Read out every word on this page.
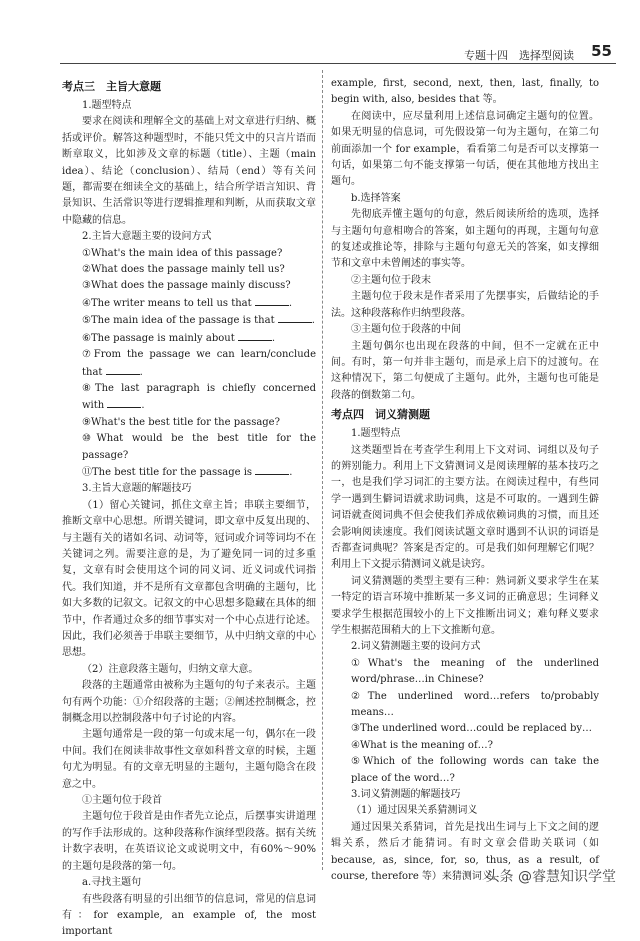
专题十四　选择型阅读 55

考点三　主旨大意题

1.题型特点

要求在阅读和理解全文的基础上对文章进行归纳、概括或评价。解答这种题型时，不能只凭文中的只言片语而断章取义，比如涉及文章的标题（title）、主题（main idea）、结论（conclusion）、结局（end）等有关问题，都需要在细读全文的基础上，结合所学语言知识、背景知识、生活常识等进行逻辑推理和判断，从而获取文章中隐藏的信息。

2.主旨大意题主要的设问方式

①What's the main idea of this passage?

②What does the passage mainly tell us?

③What does the passage mainly discuss?

④The writer means to tell us that	.

⑤The main idea of the passage is that	.

⑥The passage is mainly about	.

⑦From the passage we can learn/conclude that	.

⑧The last paragraph is chiefly concerned with	.

⑨What's the best title for the passage?

⑩What would be the best title for the passage?

⑪The best title for the passage is	.

3.主旨大意题的解题技巧

（1）留心关键词，抓住文章主旨；串联主要细节，推断文章中心思想。所谓关键词，即文章中反复出现的、与主题有关的诸如名词、动词等，冠词或介词等词均不在关键词之列。需要注意的是，为了避免同一词的过多重复，文章有时会使用这个词的同义词、近义词或代词指代。我们知道，并不是所有文章都包含明确的主题句，比如大多数的记叙文。记叙文的中心思想多隐藏在具体的细节中，作者通过众多的细节事实对一个中心点进行论述。因此，我们必须善于串联主要细节，从中归纳文章的中心思想。

（2）注意段落主题句，归纳文章大意。

段落的主题通常由被称为主题句的句子来表示。主题句有两个功能：①介绍段落的主题；②阐述控制概念，控制概念用以控制段落中句子讨论的内容。

主题句通常是一段的第一句或末尾一句，偶尔在一段中间。我们在阅读非故事性文章如科普文章的时候，主题句尤为明显。有的文章无明显的主题句，主题句隐含在段意之中。

①主题句位于段首

主题句位于段首是由作者先立论点，后摆事实讲道理的写作手法形成的。这种段落称作演绎型段落。据有关统计数字表明，在英语议论文或说明文中，有60%～90%的主题句是段落的第一句。

a.寻找主题句

有些段落有明显的引出细节的信息词，常见的信息词有：for example, an example of, the most important

example, first, second, next, then, last, finally, to begin with, also, besides that 等。

在阅读中，应尽量利用上述信息词确定主题句的位置。如果无明显的信息词，可先假设第一句为主题句，在第二句前面添加一个 for example，看看第二句是否可以支撑第一句话，如果第二句不能支撑第一句话，便在其他地方找出主题句。

b.选择答案

先彻底弄懂主题句的句意，然后阅读所给的选项，选择与主题句句意相吻合的答案，如主题句的再现，主题句句意的复述或推论等，排除与主题句句意无关的答案，如支撑细节和文章中未曾阐述的事实等。

②主题句位于段末

主题句位于段末是作者采用了先摆事实，后做结论的手法。这种段落称作归纳型段落。

③主题句位于段落的中间

主题句偶尔也出现在段落的中间，但不一定就在正中间。有时，第一句并非主题句，而是承上启下的过渡句。在这种情况下，第二句便成了主题句。此外，主题句也可能是段落的倒数第二句。

考点四　词义猜测题

1.题型特点

这类题型旨在考查学生利用上下文对词、词组以及句子的辨别能力。利用上下文猜测词义是阅读理解的基本技巧之一，也是我们学习词汇的主要方法。在阅读过程中，有些同学一遇到生僻词语就求助词典，这是不可取的。一遇到生僻词语就查阅词典不但会使我们养成依赖词典的习惯，而且还会影响阅读速度。我们阅读试题文章时遇到不认识的词语是否都查词典呢？答案是否定的。可是我们如何理解它们呢？利用上下文提示猜测词义就是诀窍。

词义猜测题的类型主要有三种：熟词新义要求学生在某一特定的语言环境中推断某一多义词的正确意思；生词释义要求学生根据范围较小的上下文推断出词义；难句释义要求学生根据范围稍大的上下文推断句意。

2.词义猜测题主要的设问方式

①What's the meaning of the underlined word/phrase…in Chinese?

②The underlined word…refers to/probably means…

③The underlined word…could be replaced by…

④What is the meaning of…?

⑤Which of the following words can take the place of the word…?

3.词义猜测题的解题技巧

（1）通过因果关系猜测词义

通过因果关系猜词，首先是找出生词与上下文之间的逻辑关系，然后才能猜词。有时文章会借助关联词（如 because, as, since, for, so, thus, as a result, of course, therefore 等）来猜测词义。

头条 @睿慧知识学堂
